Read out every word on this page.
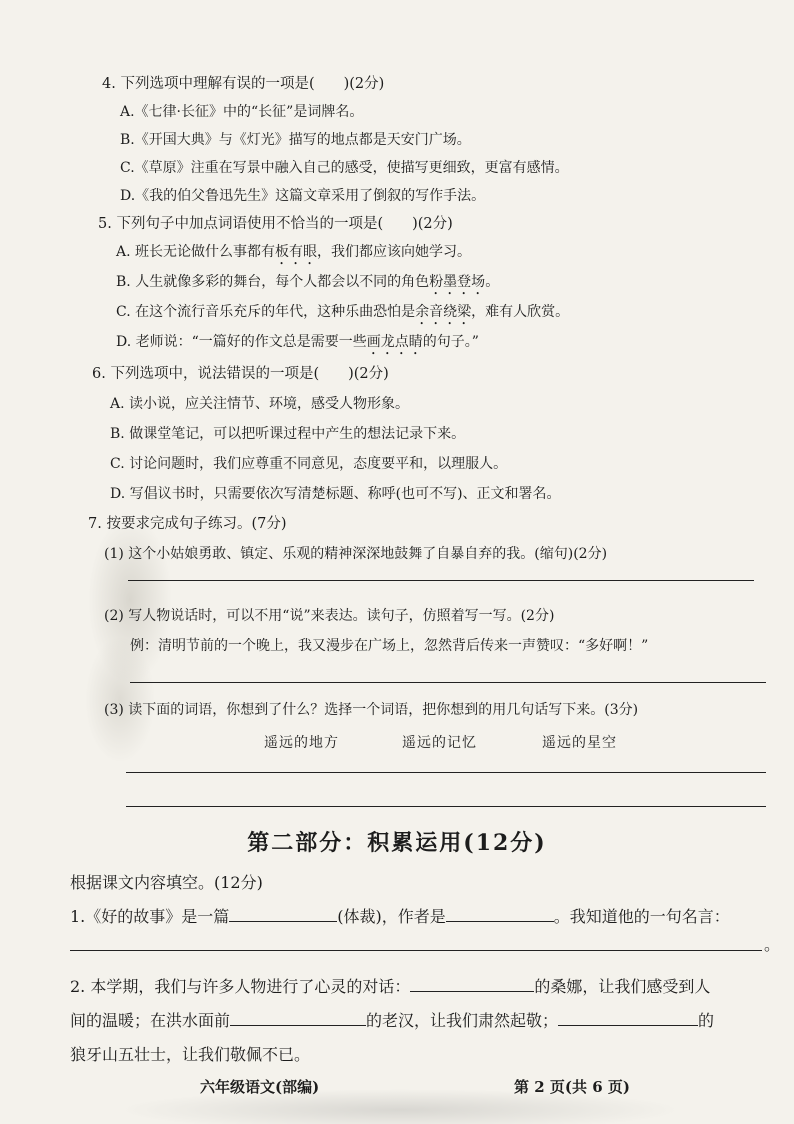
4. 下列选项中理解有误的一项是(　　)(2分)
A.《七律·长征》中的“长征”是词牌名。
B.《开国大典》与《灯光》描写的地点都是天安门广场。
C.《草原》注重在写景中融入自己的感受，使描写更细致，更富有感情。
D.《我的伯父鲁迅先生》这篇文章采用了倒叙的写作手法。
5. 下列句子中加点词语使用不恰当的一项是(　　)(2分)
A. 班长无论做什么事都有板有眼，我们都应该向她学习。
B. 人生就像多彩的舞台，每个人都会以不同的角色粉墨登场。
C. 在这个流行音乐充斥的年代，这种乐曲恐怕是余音绕梁，难有人欣赏。
D. 老师说：“一篇好的作文总是需要一些画龙点睛的句子。”
6. 下列选项中，说法错误的一项是(　　)(2分)
A. 读小说，应关注情节、环境，感受人物形象。
B. 做课堂笔记，可以把听课过程中产生的想法记录下来。
C. 讨论问题时，我们应尊重不同意见，态度要平和，以理服人。
D. 写倡议书时，只需要依次写清楚标题、称呼(也可不写)、正文和署名。
7. 按要求完成句子练习。(7分)
(1) 这个小姑娘勇敢、镇定、乐观的精神深深地鼓舞了自暴自弃的我。(缩句)(2分)
(2) 写人物说话时，可以不用“说”来表达。读句子，仿照着写一写。(2分)
例：清明节前的一个晚上，我又漫步在广场上，忽然背后传来一声赞叹：“多好啊！”
(3) 读下面的词语，你想到了什么？选择一个词语，把你想到的用几句话写下来。(3分)
遥远的地方	遥远的记忆	遥远的星空
第二部分：积累运用(12分)
根据课文内容填空。(12分)
1.《好的故事》是一篇	(体裁)，作者是	。我知道他的一句名言：
。
2. 本学期，我们与许多人物进行了心灵的对话：	的桑娜，让我们感受到人
间的温暖；在洪水面前	的老汉，让我们肃然起敬；	的
狼牙山五壮士，让我们敬佩不已。
六年级语文(部编)	第 2 页(共 6 页)
